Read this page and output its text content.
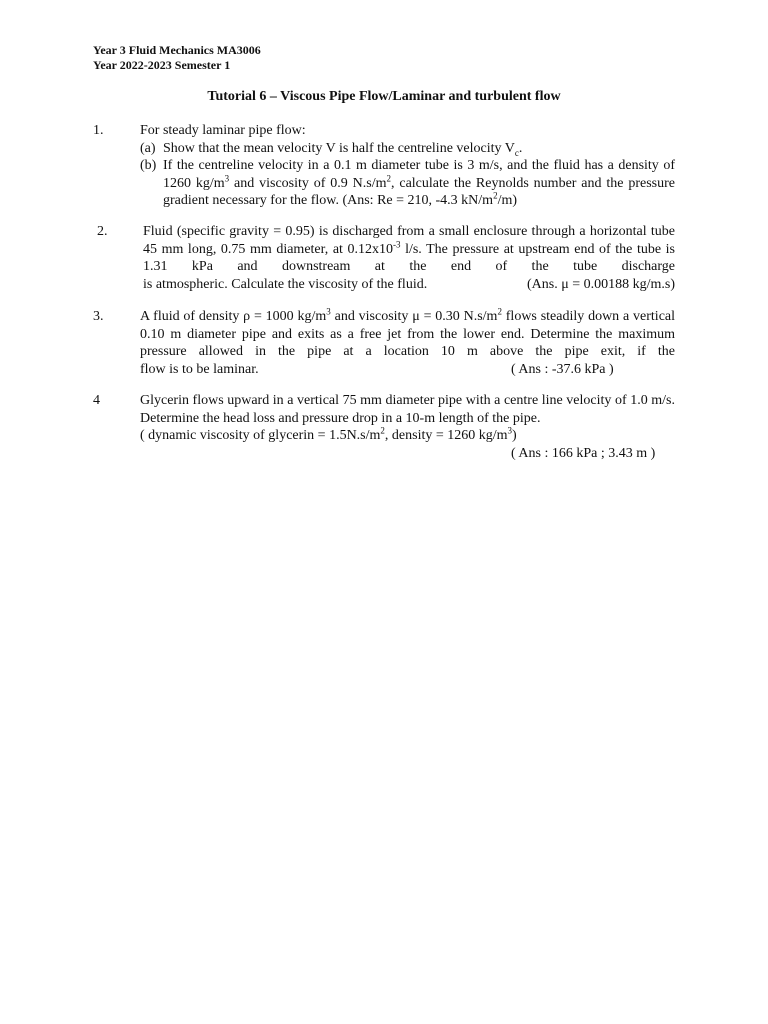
Year 3 Fluid Mechanics MA3006
Year 2022-2023 Semester 1
Tutorial 6 – Viscous Pipe Flow/Laminar and turbulent flow
1.	For steady laminar pipe flow:
(a) Show that the mean velocity V is half the centreline velocity $V_c$.
(b) If the centreline velocity in a 0.1 m diameter tube is 3 m/s, and the fluid has a density of 1260 $kg/m^3$ and viscosity of 0.9 $N.s/m^2$, calculate the Reynolds number and the pressure gradient necessary for the flow. (Ans: Re = 210, -4.3 $kN/m^2/m$)
2.	Fluid (specific gravity = 0.95) is discharged from a small enclosure through a horizontal tube 45 mm long, 0.75 mm diameter, at $0.12x10^{-3}$ l/s. The pressure at upstream end of the tube is 1.31 kPa and downstream at the end of the tube discharge
is atmospheric. Calculate the viscosity of the fluid.	(Ans. μ = 0.00188 kg/m.s)
3.	A fluid of density ρ = 1000 $kg/m^3$ and viscosity μ = 0.30 $N.s/m^2$ flows steadily down a vertical 0.10 m diameter pipe and exits as a free jet from the lower end. Determine the maximum pressure allowed in the pipe at a location 10 m above the pipe exit, if the
flow is to be laminar.	( Ans : -37.6 kPa )
4	Glycerin flows upward in a vertical 75 mm diameter pipe with a centre line velocity of 1.0 m/s. Determine the head loss and pressure drop in a 10-m length of the pipe.
( dynamic viscosity of glycerin = $1.5N.s/m^2$, density = 1260 $kg/m^3$)
( Ans : 166 kPa ; 3.43 m )
